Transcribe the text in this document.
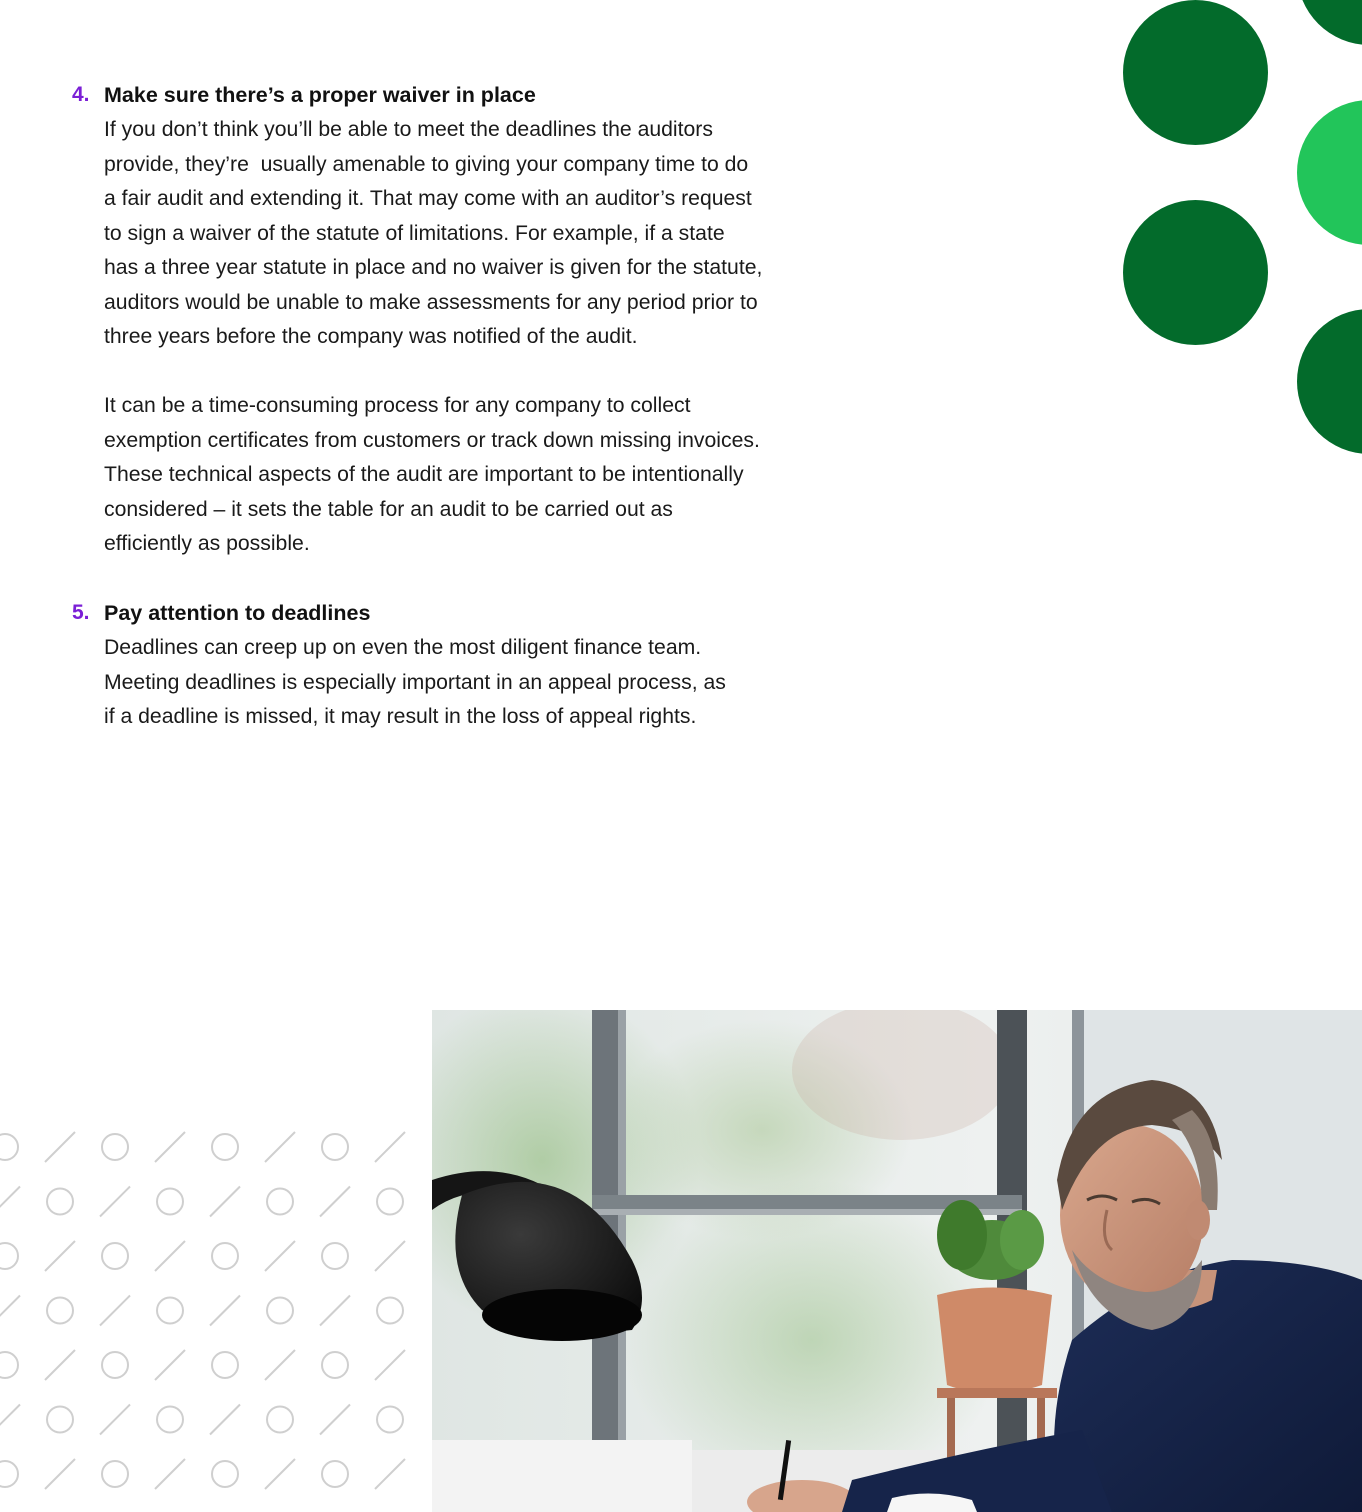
4. Make sure there’s a proper waiver in place

If you don’t think you’ll be able to meet the deadlines the auditors
provide, they’re  usually amenable to giving your company time to do
a fair audit and extending it. That may come with an auditor’s request
to sign a waiver of the statute of limitations. For example, if a state
has a three year statute in place and no waiver is given for the statute,
auditors would be unable to make assessments for any period prior to
three years before the company was notified of the audit.

It can be a time-consuming process for any company to collect
exemption certificates from customers or track down missing invoices.
These technical aspects of the audit are important to be intentionally
considered – it sets the table for an audit to be carried out as
efficiently as possible.

5. Pay attention to deadlines

Deadlines can creep up on even the most diligent finance team.
Meeting deadlines is especially important in an appeal process, as
if a deadline is missed, it may result in the loss of appeal rights.
